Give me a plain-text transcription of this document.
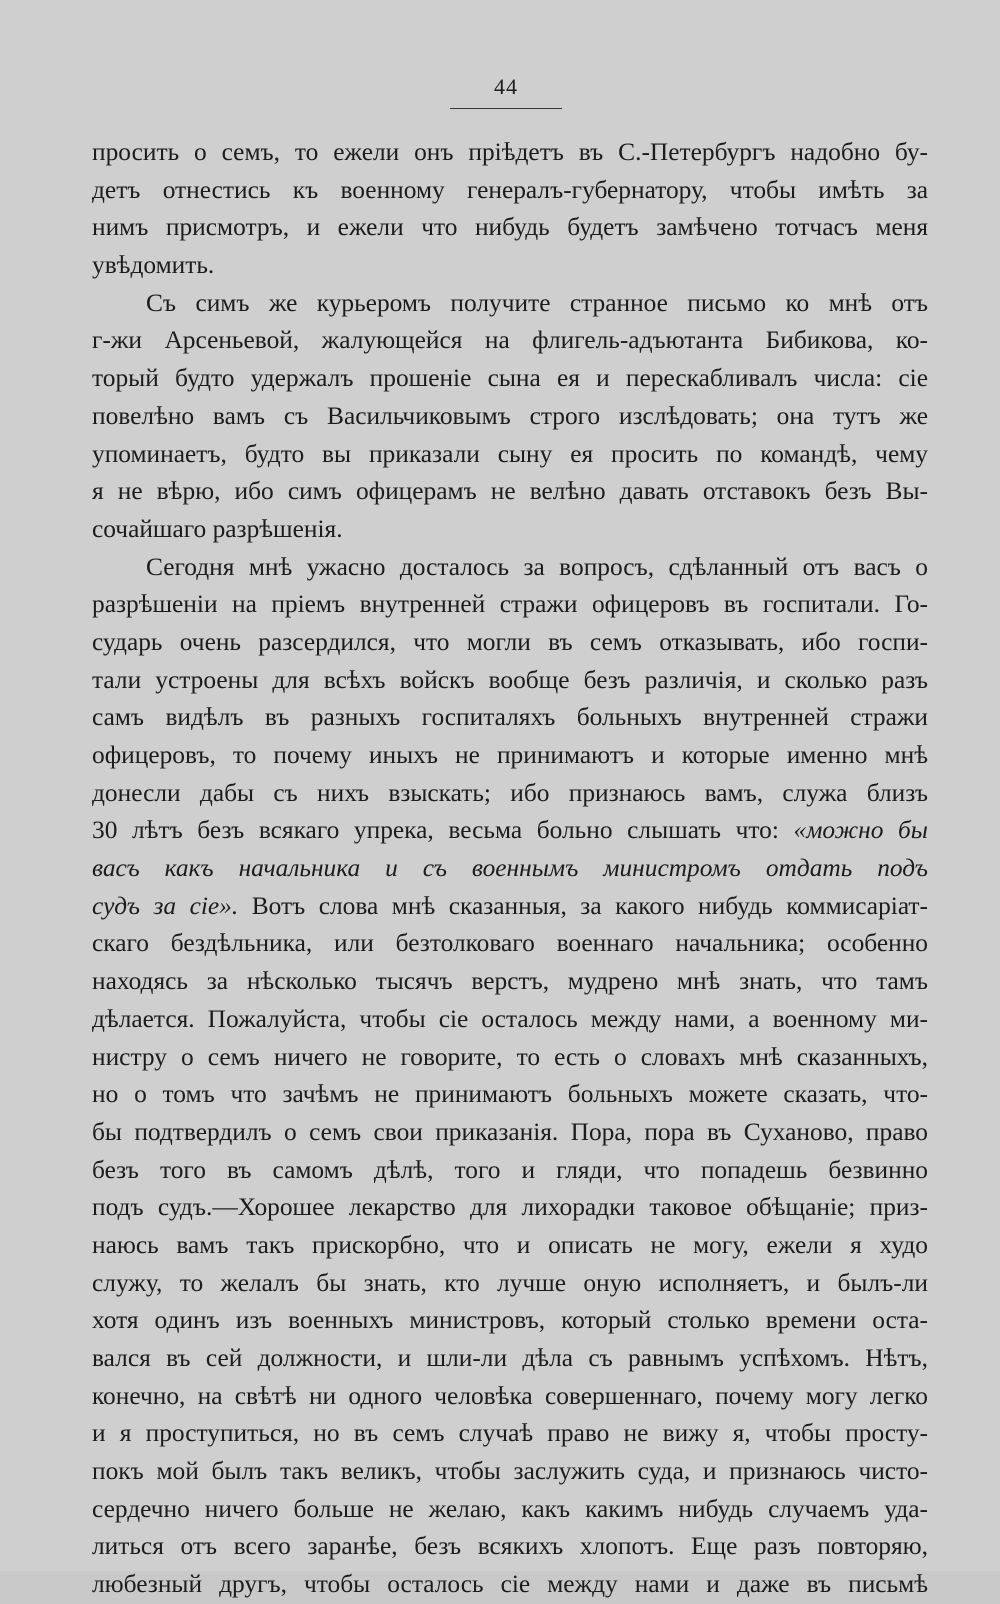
44
просить о семъ, то ежели онъ пріѣдетъ въ С.-Петербургъ надобно бу-
детъ отнестись къ военному генералъ-губернатору, чтобы имѣть за
нимъ присмотръ, и ежели что нибудь будетъ замѣчено тотчасъ меня
увѣдомить.
Съ симъ же курьеромъ получите странное письмо ко мнѣ отъ
г-жи Арсеньевой, жалующейся на флигель-адъютанта Бибикова, ко-
торый будто удержалъ прошеніе сына ея и перескабливалъ числа: сіе
повелѣно вамъ съ Васильчиковымъ строго изслѣдовать; она тутъ же
упоминаетъ, будто вы приказали сыну ея просить по командѣ, чему
я не вѣрю, ибо симъ офицерамъ не велѣно давать отставокъ безъ Вы-
сочайшаго разрѣшенія.
Сегодня мнѣ ужасно досталось за вопросъ, сдѣланный отъ васъ о
разрѣшеніи на пріемъ внутренней стражи офицеровъ въ госпитали. Го-
сударь очень разсердился, что могли въ семъ отказывать, ибо госпи-
тали устроены для всѣхъ войскъ вообще безъ различія, и сколько разъ
самъ видѣлъ въ разныхъ госпиталяхъ больныхъ внутренней стражи
офицеровъ, то почему иныхъ не принимаютъ и которые именно мнѣ
донесли дабы съ нихъ взыскать; ибо признаюсь вамъ, служа близъ
30 лѣтъ безъ всякаго упрека, весьма больно слышать что: «можно бы
васъ какъ начальника и съ военнымъ министромъ отдать подъ
судъ за сіе». Вотъ слова мнѣ сказанныя, за какого нибудь коммисаріат-
скаго бездѣльника, или безтолковаго военнаго начальника; особенно
находясь за нѣсколько тысячъ верстъ, мудрено мнѣ знать, что тамъ
дѣлается. Пожалуйста, чтобы сіе осталось между нами, а военному ми-
нистру о семъ ничего не говорите, то есть о словахъ мнѣ сказанныхъ,
но о томъ что зачѣмъ не принимаютъ больныхъ можете сказать, что-
бы подтвердилъ о семъ свои приказанія. Пора, пора въ Суханово, право
безъ того въ самомъ дѣлѣ, того и гляди, что попадешь безвинно
подъ судъ.—Хорошее лекарство для лихорадки таковое обѣщаніе; приз-
наюсь вамъ такъ прискорбно, что и описать не могу, ежели я худо
служу, то желалъ бы знать, кто лучше оную исполняетъ, и былъ-ли
хотя одинъ изъ военныхъ министровъ, который столько времени оста-
вался въ сей должности, и шли-ли дѣла съ равнымъ успѣхомъ. Нѣтъ,
конечно, на свѣтѣ ни одного человѣка совершеннаго, почему могу легко
и я проступиться, но въ семъ случаѣ право не вижу я, чтобы просту-
покъ мой былъ такъ великъ, чтобы заслужить суда, и признаюсь чисто-
сердечно ничего больше не желаю, какъ какимъ нибудь случаемъ уда-
литься отъ всего заранѣе, безъ всякихъ хлопотъ. Еще разъ повторяю,
любезный другъ, чтобы осталось сіе между нами и даже въ письмѣ
